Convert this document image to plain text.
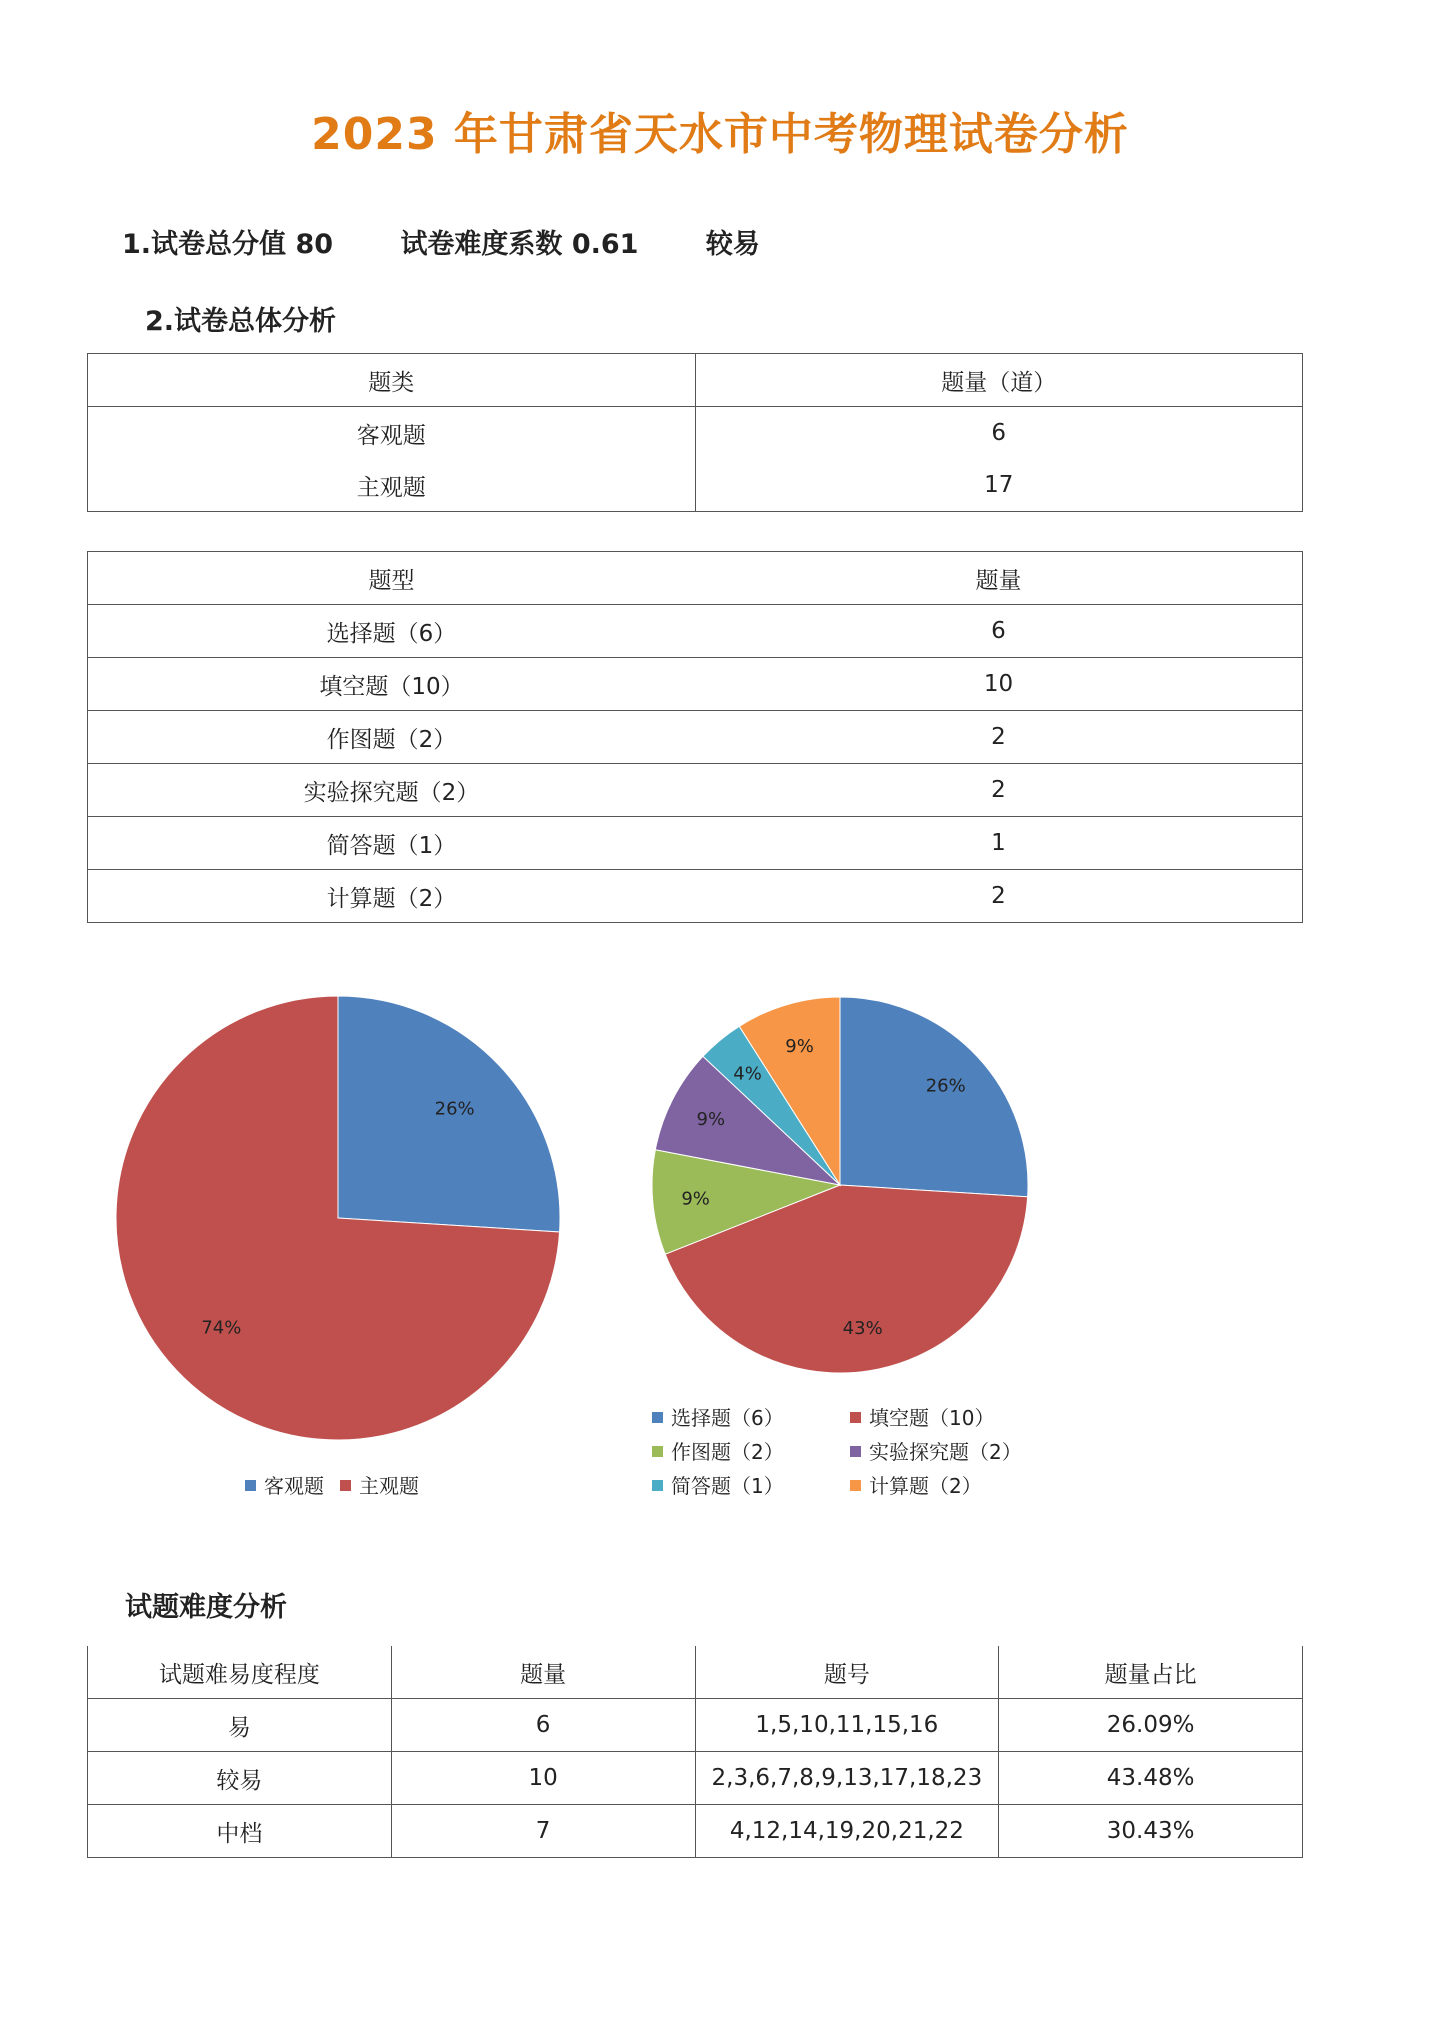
2023 年甘肃省天水市中考物理试卷分析
1.试卷总分值 80 试卷难度系数 0.61 较易
2.试卷总体分析
题类	题量（道）
客观题	6
主观题	17
题型	题量
选择题（6）	6
填空题（10）	10
作图题（2）	2
实验探究题（2）	2
简答题（1）	1
计算题（2）	2
26%
74%
客观题	主观题
26%
43%
9%
9%
4%
9%
选择题（6）	填空题（10）
作图题（2）	实验探究题（2）
简答题（1）	计算题（2）
试题难度分析
试题难易度程度	题量	题号	题量占比
易	6	1,5,10,11,15,16	26.09%
较易	10	2,3,6,7,8,9,13,17,18,23	43.48%
中档	7	4,12,14,19,20,21,22	30.43%
